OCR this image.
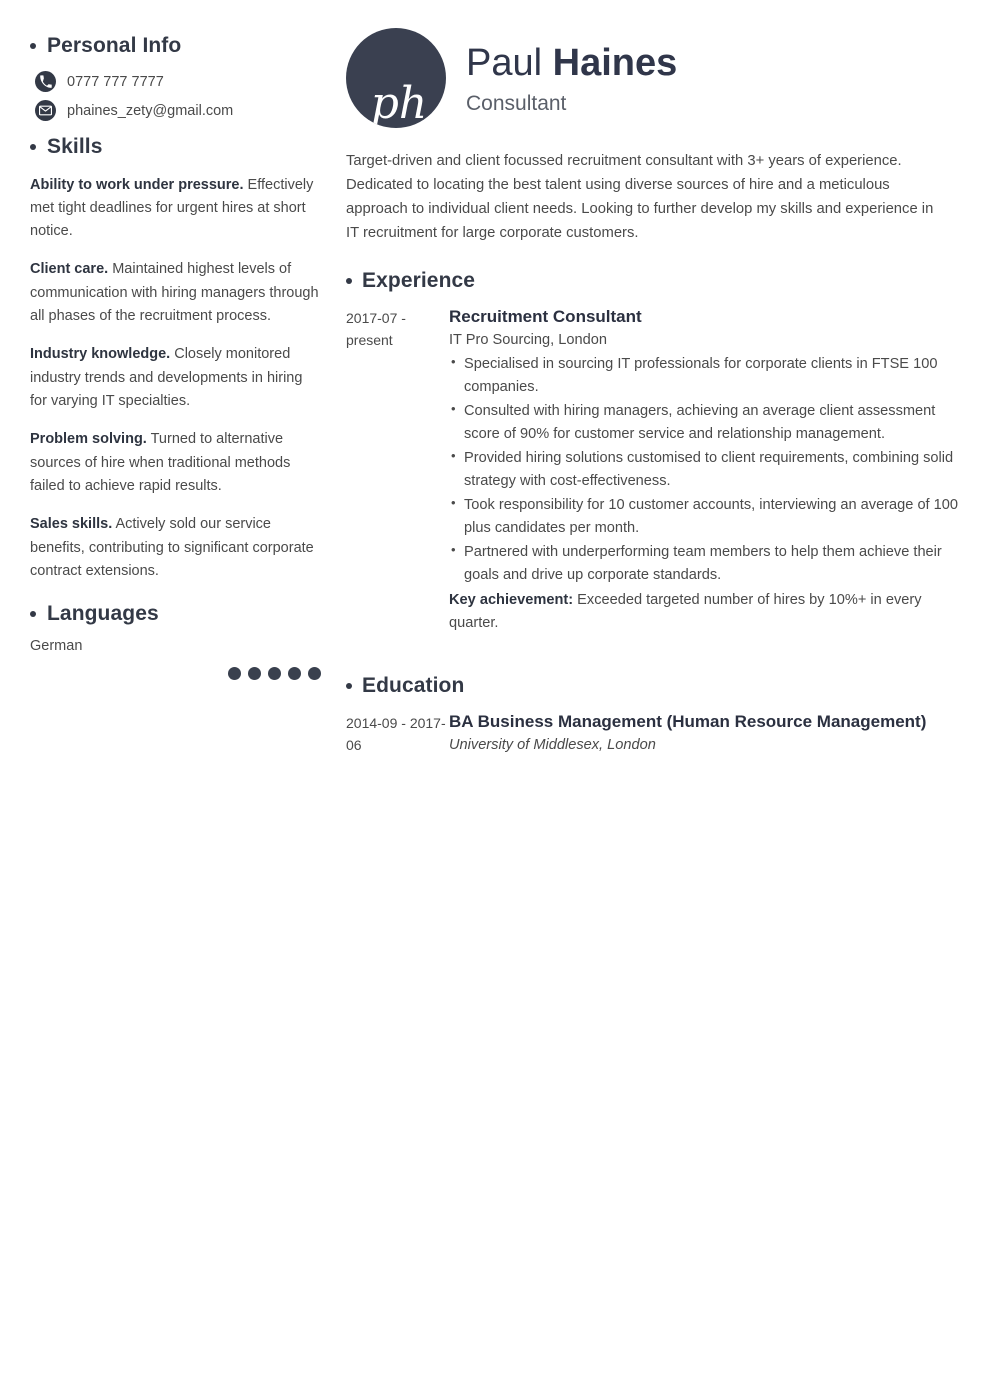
Personal Info
0777 777 7777
phaines_zety@gmail.com
Skills

Ability to work under pressure. Effectively met tight deadlines for urgent hires at short notice.

Client care. Maintained highest levels of communication with hiring managers through all phases of the recruitment process.

Industry knowledge. Closely monitored industry trends and developments in hiring for varying IT specialties.

Problem solving. Turned to alternative sources of hire when traditional methods failed to achieve rapid results.

Sales skills. Actively sold our service benefits, contributing to significant corporate contract extensions.

Languages
German
ph
Paul Haines
Consultant

Target-driven and client focussed recruitment consultant with 3+ years of experience. Dedicated to locating the best talent using diverse sources of hire and a meticulous approach to individual client needs. Looking to further develop my skills and experience in IT recruitment for large corporate customers.

Experience
2017-07 - present
Recruitment Consultant
IT Pro Sourcing, London
• Specialised in sourcing IT professionals for corporate clients in FTSE 100 companies.
• Consulted with hiring managers, achieving an average client assessment score of 90% for customer service and relationship management.
• Provided hiring solutions customised to client requirements, combining solid strategy with cost-effectiveness.
• Took responsibility for 10 customer accounts, interviewing an average of 100 plus candidates per month.
• Partnered with underperforming team members to help them achieve their goals and drive up corporate standards.

Key achievement: Exceeded targeted number of hires by 10%+ in every quarter.

Education
2014-09 - 2017-06
BA Business Management (Human Resource Management)
University of Middlesex, London
